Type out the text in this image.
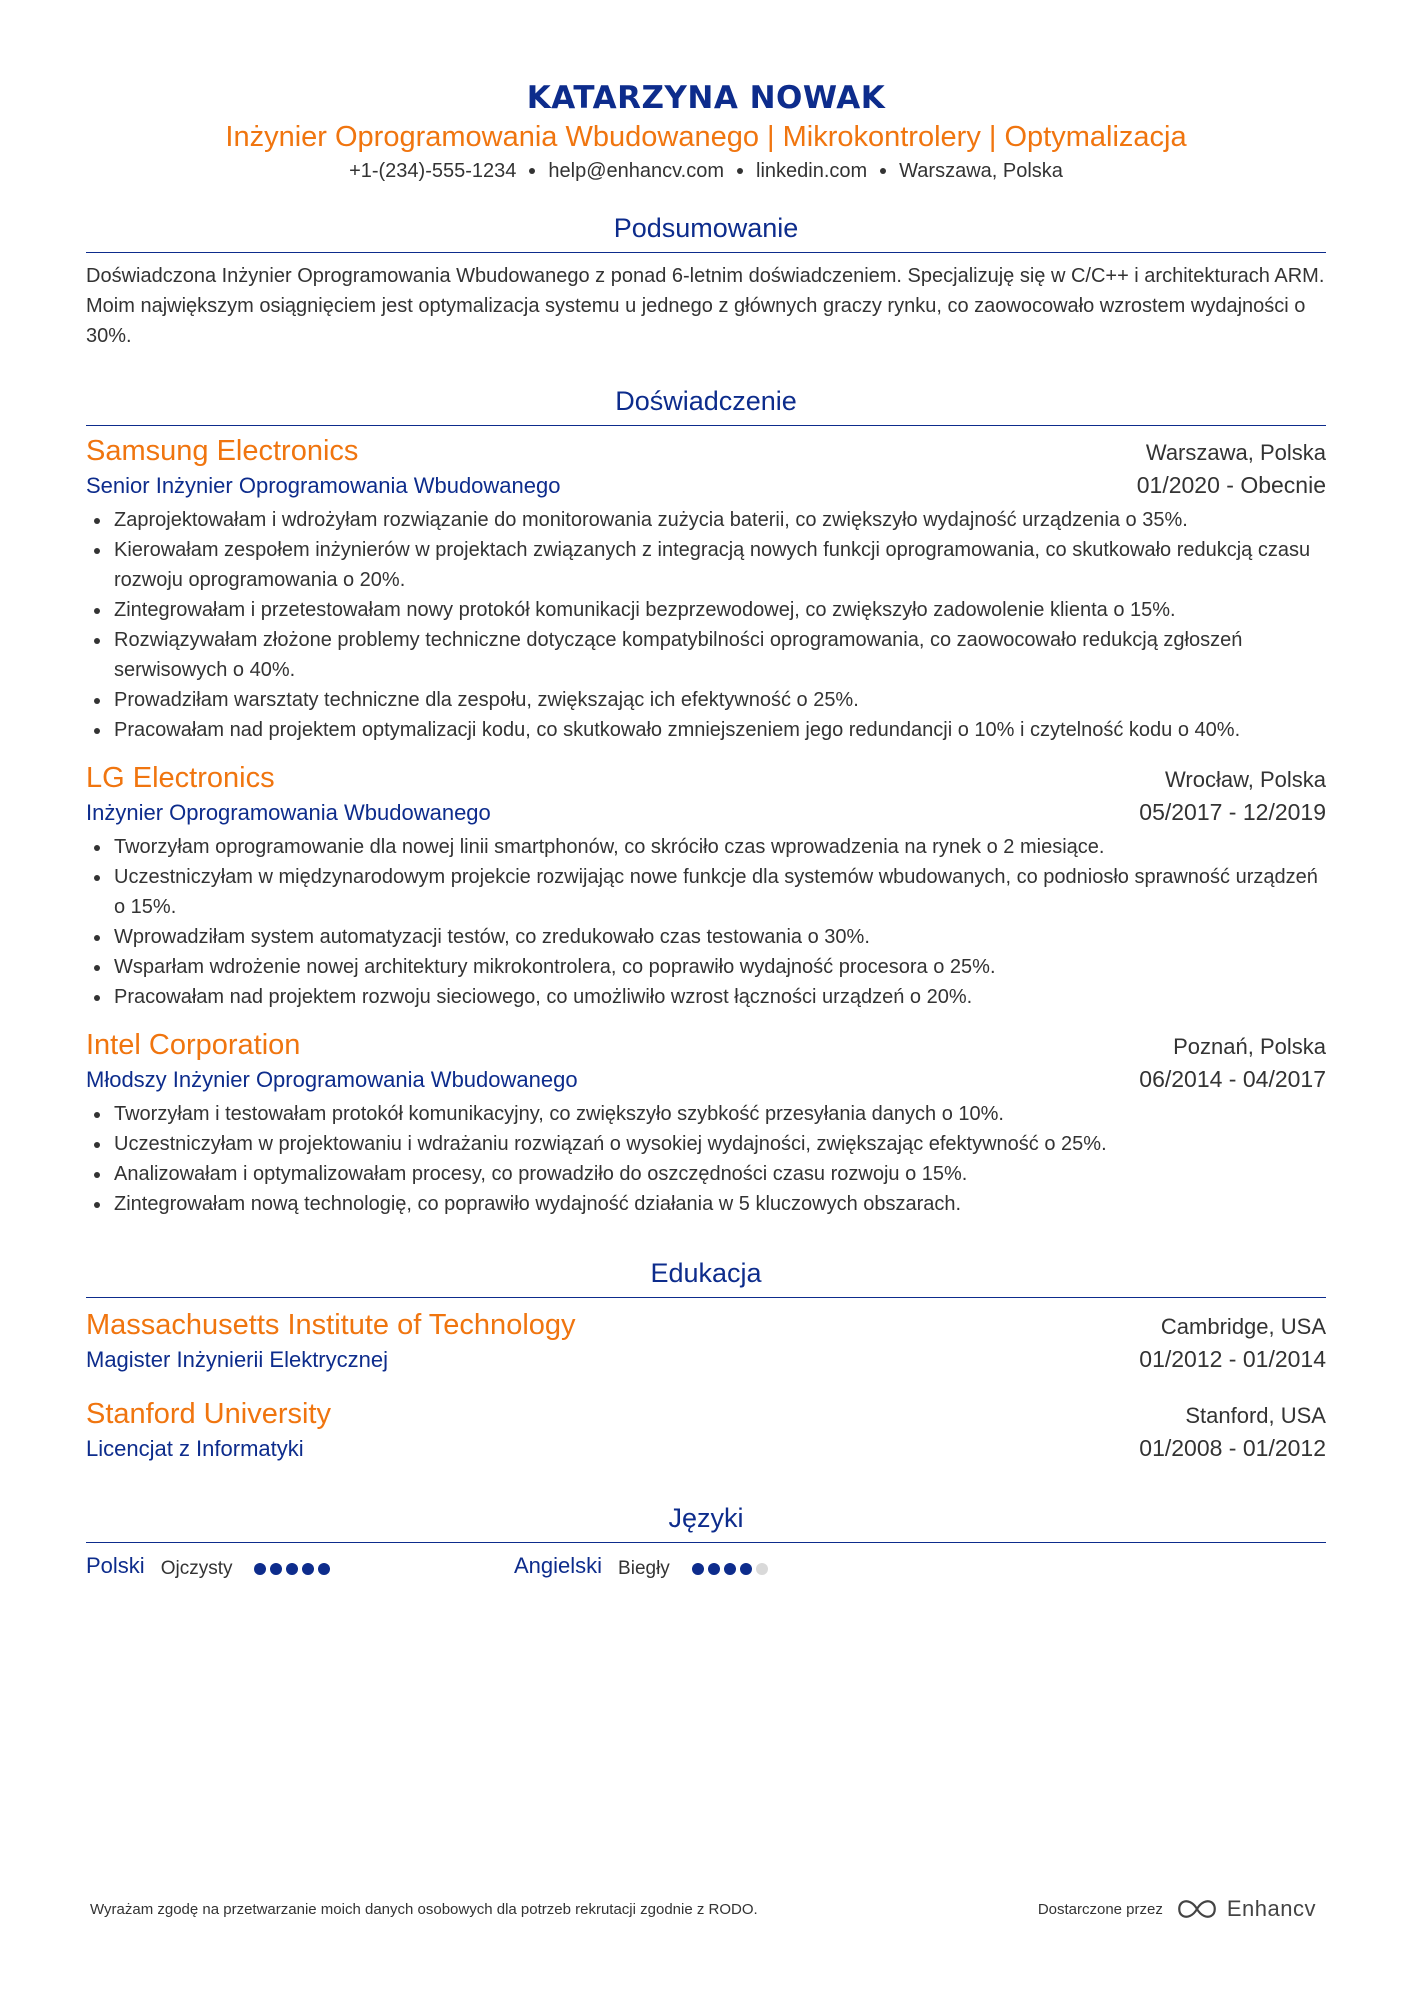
KATARZYNA NOWAK
Inżynier Oprogramowania Wbudowanego | Mikrokontrolery | Optymalizacja
+1-(234)-555-1234 help@enhancv.com linkedin.com Warszawa, Polska
Podsumowanie

Doświadczona Inżynier Oprogramowania Wbudowanego z ponad 6-letnim doświadczeniem. Specjalizuję się w C/C++ i architekturach ARM. Moim największym osiągnięciem jest optymalizacja systemu u jednego z głównych graczy rynku, co zaowocowało wzrostem wydajności o 30%.

Doświadczenie
Samsung Electronics	Warszawa, Polska
Senior Inżynier Oprogramowania Wbudowanego	01/2020 - Obecnie
Zaprojektowałam i wdrożyłam rozwiązanie do monitorowania zużycia baterii, co zwiększyło wydajność urządzenia o 35%.
Kierowałam zespołem inżynierów w projektach związanych z integracją nowych funkcji oprogramowania, co skutkowało redukcją czasu rozwoju oprogramowania o 20%.
Zintegrowałam i przetestowałam nowy protokół komunikacji bezprzewodowej, co zwiększyło zadowolenie klienta o 15%.
Rozwiązywałam złożone problemy techniczne dotyczące kompatybilności oprogramowania, co zaowocowało redukcją zgłoszeń serwisowych o 40%.
Prowadziłam warsztaty techniczne dla zespołu, zwiększając ich efektywność o 25%.
Pracowałam nad projektem optymalizacji kodu, co skutkowało zmniejszeniem jego redundancji o 10% i czytelność kodu o 40%.
LG Electronics	Wrocław, Polska
Inżynier Oprogramowania Wbudowanego	05/2017 - 12/2019
Tworzyłam oprogramowanie dla nowej linii smartphonów, co skróciło czas wprowadzenia na rynek o 2 miesiące.
Uczestniczyłam w międzynarodowym projekcie rozwijając nowe funkcje dla systemów wbudowanych, co podniosło sprawność urządzeń o 15%.
Wprowadziłam system automatyzacji testów, co zredukowało czas testowania o 30%.
Wsparłam wdrożenie nowej architektury mikrokontrolera, co poprawiło wydajność procesora o 25%.
Pracowałam nad projektem rozwoju sieciowego, co umożliwiło wzrost łączności urządzeń o 20%.
Intel Corporation	Poznań, Polska
Młodszy Inżynier Oprogramowania Wbudowanego	06/2014 - 04/2017
Tworzyłam i testowałam protokół komunikacyjny, co zwiększyło szybkość przesyłania danych o 10%.
Uczestniczyłam w projektowaniu i wdrażaniu rozwiązań o wysokiej wydajności, zwiększając efektywność o 25%.
Analizowałam i optymalizowałam procesy, co prowadziło do oszczędności czasu rozwoju o 15%.
Zintegrowałam nową technologię, co poprawiło wydajność działania w 5 kluczowych obszarach.
Edukacja
Massachusetts Institute of Technology	Cambridge, USA
Magister Inżynierii Elektrycznej	01/2012 - 01/2014
Stanford University	Stanford, USA
Licencjat z Informatyki	01/2008 - 01/2012
Języki
Polski Ojczysty	Angielski Biegły
Wyrażam zgodę na przetwarzanie moich danych osobowych dla potrzeb rekrutacji zgodnie z RODO.	Dostarczone przez	Enhancv
